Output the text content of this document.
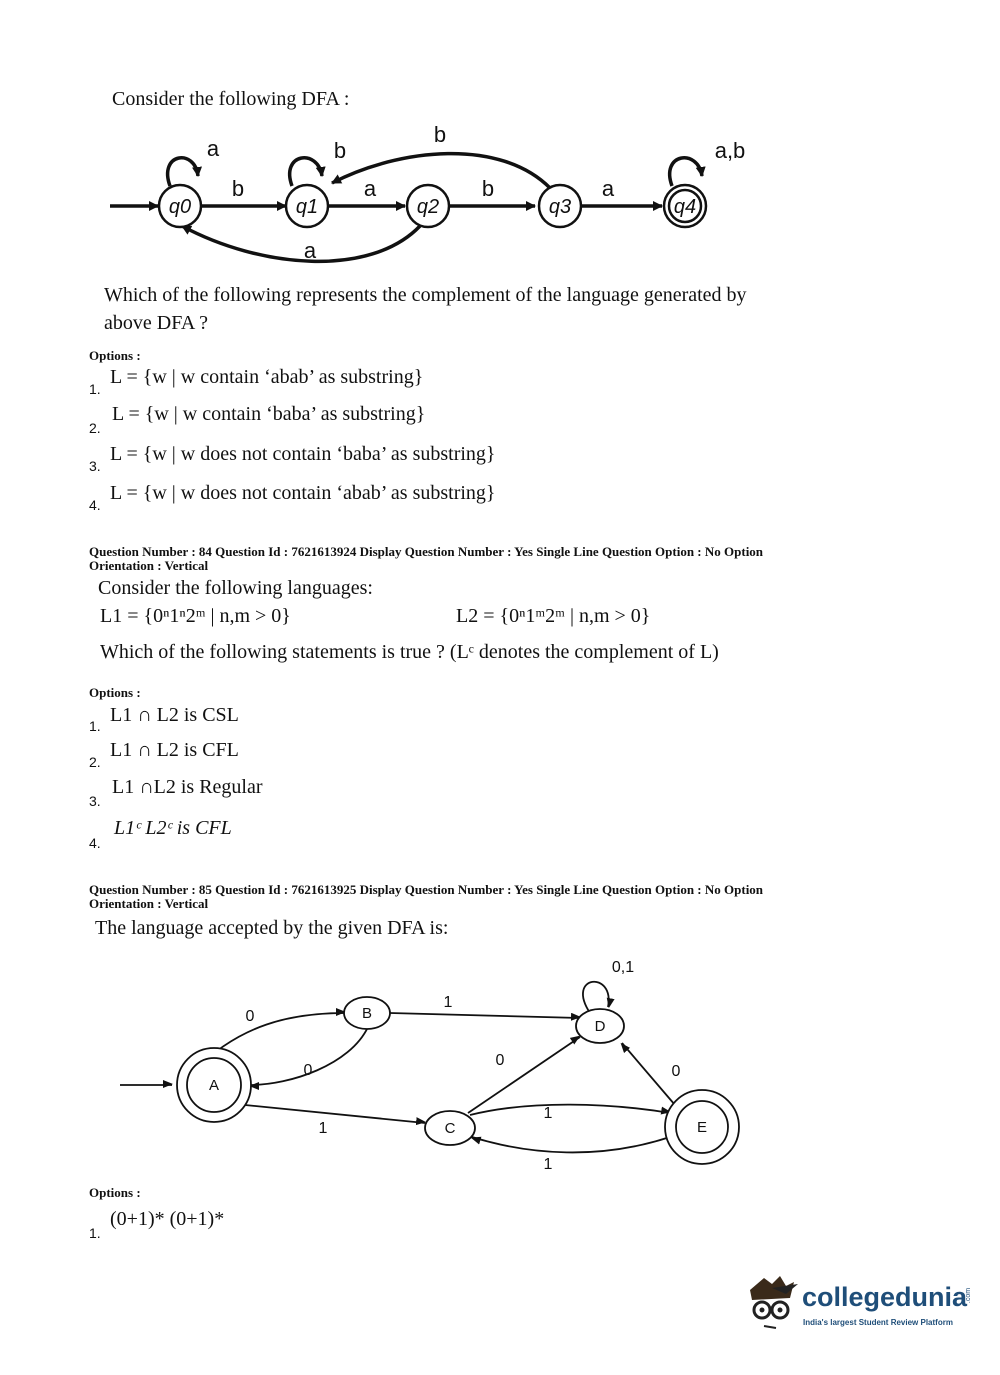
Consider the following DFA :
q0	q1	q2	q3	q4
a	b	a,b
b	a	b	a
b
a
Which of the following represents the complement of the language generated by
above DFA ?
Options :
1.
L = {w | w contain ‘abab’ as substring}
2.
L = {w | w contain ‘baba’ as substring}
3.
L = {w | w does not contain ‘baba’ as substring}
4.
L = {w | w does not contain ‘abab’ as substring}
Question Number : 84 Question Id : 7621613924 Display Question Number : Yes Single Line Question Option : No Option
Orientation : Vertical
Consider the following languages:
L1 = {0ⁿ1ⁿ2ᵐ | n,m > 0}	L2 = {0ⁿ1ᵐ2ᵐ | n,m > 0}
Which of the following statements is true ? (Lᶜ denotes the complement of L)
Options :
1. L1 ∩ L2 is CSL
2.
L1 ∩ L2 is CFL
3.
L1 ∩L2 is Regular
4.
L1ᶜ L2ᶜ is CFL
Question Number : 85 Question Id : 7621613925 Display Question Number : Yes Single Line Question Option : No Option
Orientation : Vertical
The language accepted by the given DFA is:
A
B
C
D
E
0
0
1
1
0
1
1
0
0,1
Options :
1.
(0+1)* (0+1)*
collegedunia
India's largest Student Review Platform
.com
